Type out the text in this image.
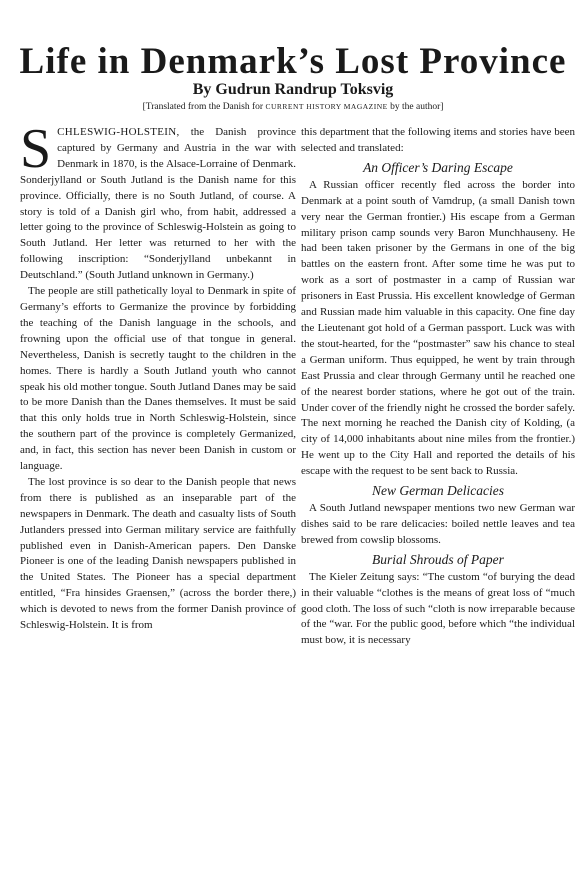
Life in Denmark’s Lost Province
By Gudrun Randrup Toksvig
[Translated from the Danish for CURRENT HISTORY MAGAZINE by the author]

SCHLESWIG-HOLSTEIN, the Danish province captured by Germany and Austria in the war with Denmark in 1870, is the Alsace-Lorraine of Denmark. Sonderjylland or South Jutland is the Danish name for this province. Officially, there is no South Jutland, of course. A story is told of a Danish girl who, from habit, addressed a letter going to the province of Schleswig-Holstein as going to South Jutland. Her letter was returned to her with the following inscription: “Sonderjylland unbekannt in Deutschland.” (South Jutland unknown in Germany.)

The people are still pathetically loyal to Denmark in spite of Germany’s efforts to Germanize the province by forbidding the teaching of the Danish language in the schools, and frowning upon the official use of that tongue in general. Nevertheless, Danish is secretly taught to the children in the homes. There is hardly a South Jutland youth who cannot speak his old mother tongue. South Jutland Danes may be said to be more Danish than the Danes themselves. It must be said that this only holds true in North Schleswig-Holstein, since the southern part of the province is completely Germanized, and, in fact, this section has never been Danish in custom or language.

The lost province is so dear to the Danish people that news from there is published as an inseparable part of the newspapers in Denmark. The death and casualty lists of South Jutlanders pressed into German military service are faithfully published even in Danish-American papers. Den Danske Pioneer is one of the leading Danish newspapers published in the United States. The Pioneer has a special department entitled, “Fra hinsides Graensen,” (across the border there,) which is devoted to news from the former Danish province of Schleswig-Holstein. It is from

this department that the following items and stories have been selected and translated:

An Officer’s Daring Escape

A Russian officer recently fled across the border into Denmark at a point south of Vamdrup, (a small Danish town very near the German frontier.) His escape from a German military prison camp sounds very Baron Munchhauseny. He had been taken prisoner by the Germans in one of the big battles on the eastern front. After some time he was put to work as a sort of postmaster in a camp of Russian war prisoners in East Prussia. His excellent knowledge of German and Russian made him valuable in this capacity. One fine day the Lieutenant got hold of a German passport. Luck was with the stout-hearted, for the “postmaster” saw his chance to steal a German uniform. Thus equipped, he went by train through East Prussia and clear through Germany until he reached one of the nearest border stations, where he got out of the train. Under cover of the friendly night he crossed the border safely. The next morning he reached the Danish city of Kolding, (a city of 14,000 inhabitants about nine miles from the frontier.) He went up to the City Hall and reported the details of his escape with the request to be sent back to Russia.

New German Delicacies

A South Jutland newspaper mentions two new German war dishes said to be rare delicacies: boiled nettle leaves and tea brewed from cowslip blossoms.

Burial Shrouds of Paper

The Kieler Zeitung says: “The custom “of burying the dead in their valuable “clothes is the means of great loss of “much good cloth. The loss of such “cloth is now irreparable because of the “war. For the public good, before which “the individual must bow, it is necessary
